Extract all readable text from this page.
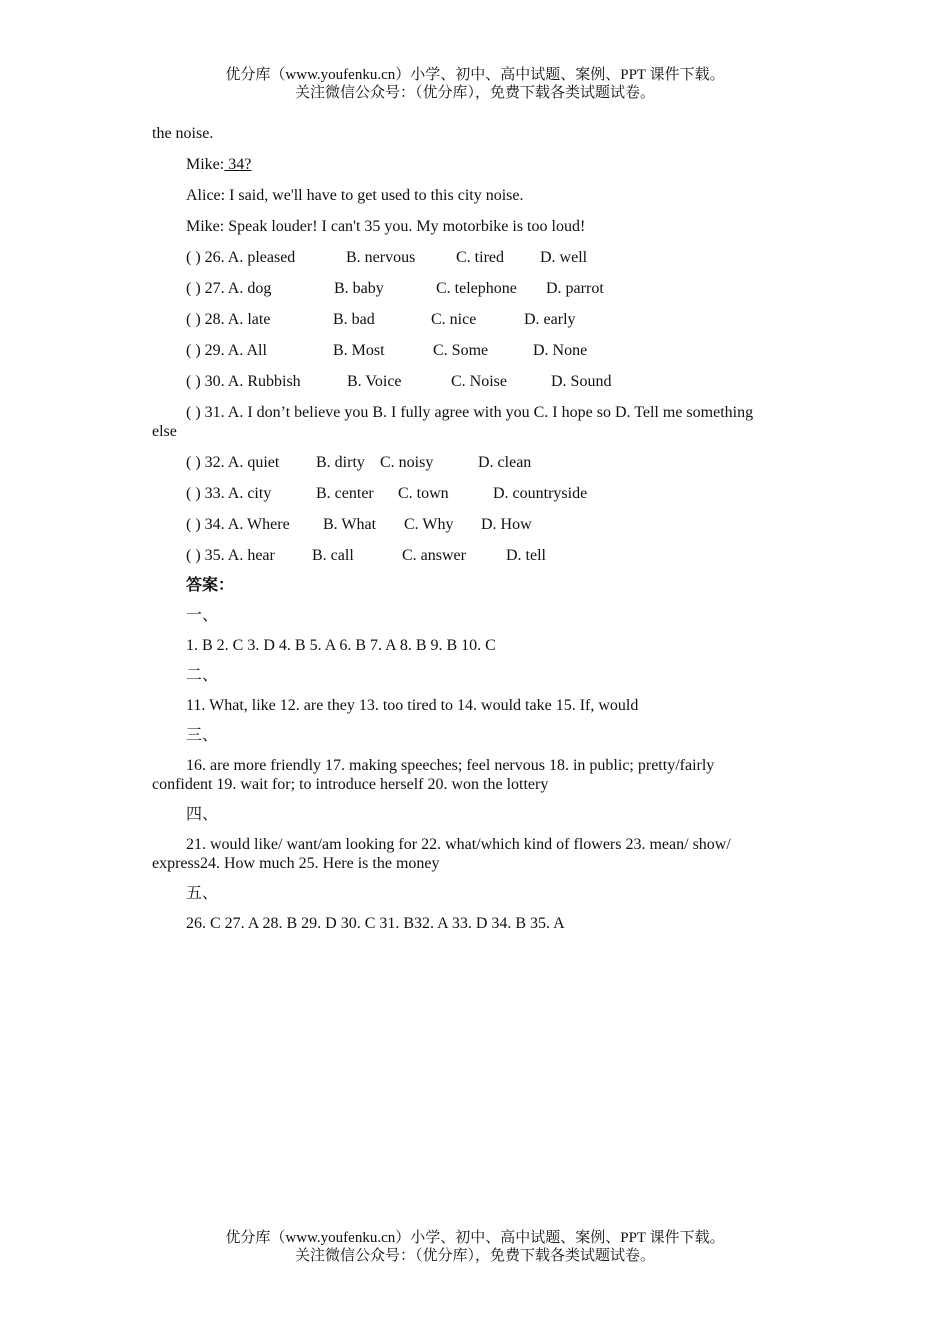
优分库（www.youfenku.cn）小学、初中、高中试题、案例、PPT 课件下载。
关注微信公众号：（优分库），免费下载各类试题试卷。
the noise.
Mike: 34?
Alice: I said, we'll have to get used to this city noise.
Mike: Speak louder! I can't 35 you. My motorbike is too loud!
( ) 26. A. pleased	B. nervous	C. tired D. well
( ) 27. A. dog	B. baby	C. telephone D. parrot
( ) 28. A. late	B. bad	C. nice	D. early
( ) 29. A. All	B. Most	C. Some	D. None
( ) 30. A. Rubbish	B. Voice	C. Noise	D. Sound
( ) 31. A. I don’t believe you B. I fully agree with you C. I hope so D. Tell me something else
( ) 32. A. quiet B. dirty C. noisy	D. clean
( ) 33. A. city	B. center C. town	D. countryside
( ) 34. A. Where B. What C. Why D. How
( ) 35. A. hear B. call	C. answer	D. tell
答案：
一、
1. B 2. C 3. D 4. B 5. A 6. B 7. A 8. B 9. B 10. C
二、
11. What, like 12. are they 13. too tired to 14. would take 15. If, would
三、
16. are more friendly 17. making speeches; feel nervous 18. in public; pretty/fairly confident 19. wait for; to introduce herself 20. won the lottery
四、
21. would like/ want/am looking for 22. what/which kind of flowers 23. mean/ show/ express24. How much 25. Here is the money
五、
26. C 27. A 28. B 29. D 30. C 31. B32. A 33. D 34. B 35. A
优分库（www.youfenku.cn）小学、初中、高中试题、案例、PPT 课件下载。
关注微信公众号：（优分库），免费下载各类试题试卷。
